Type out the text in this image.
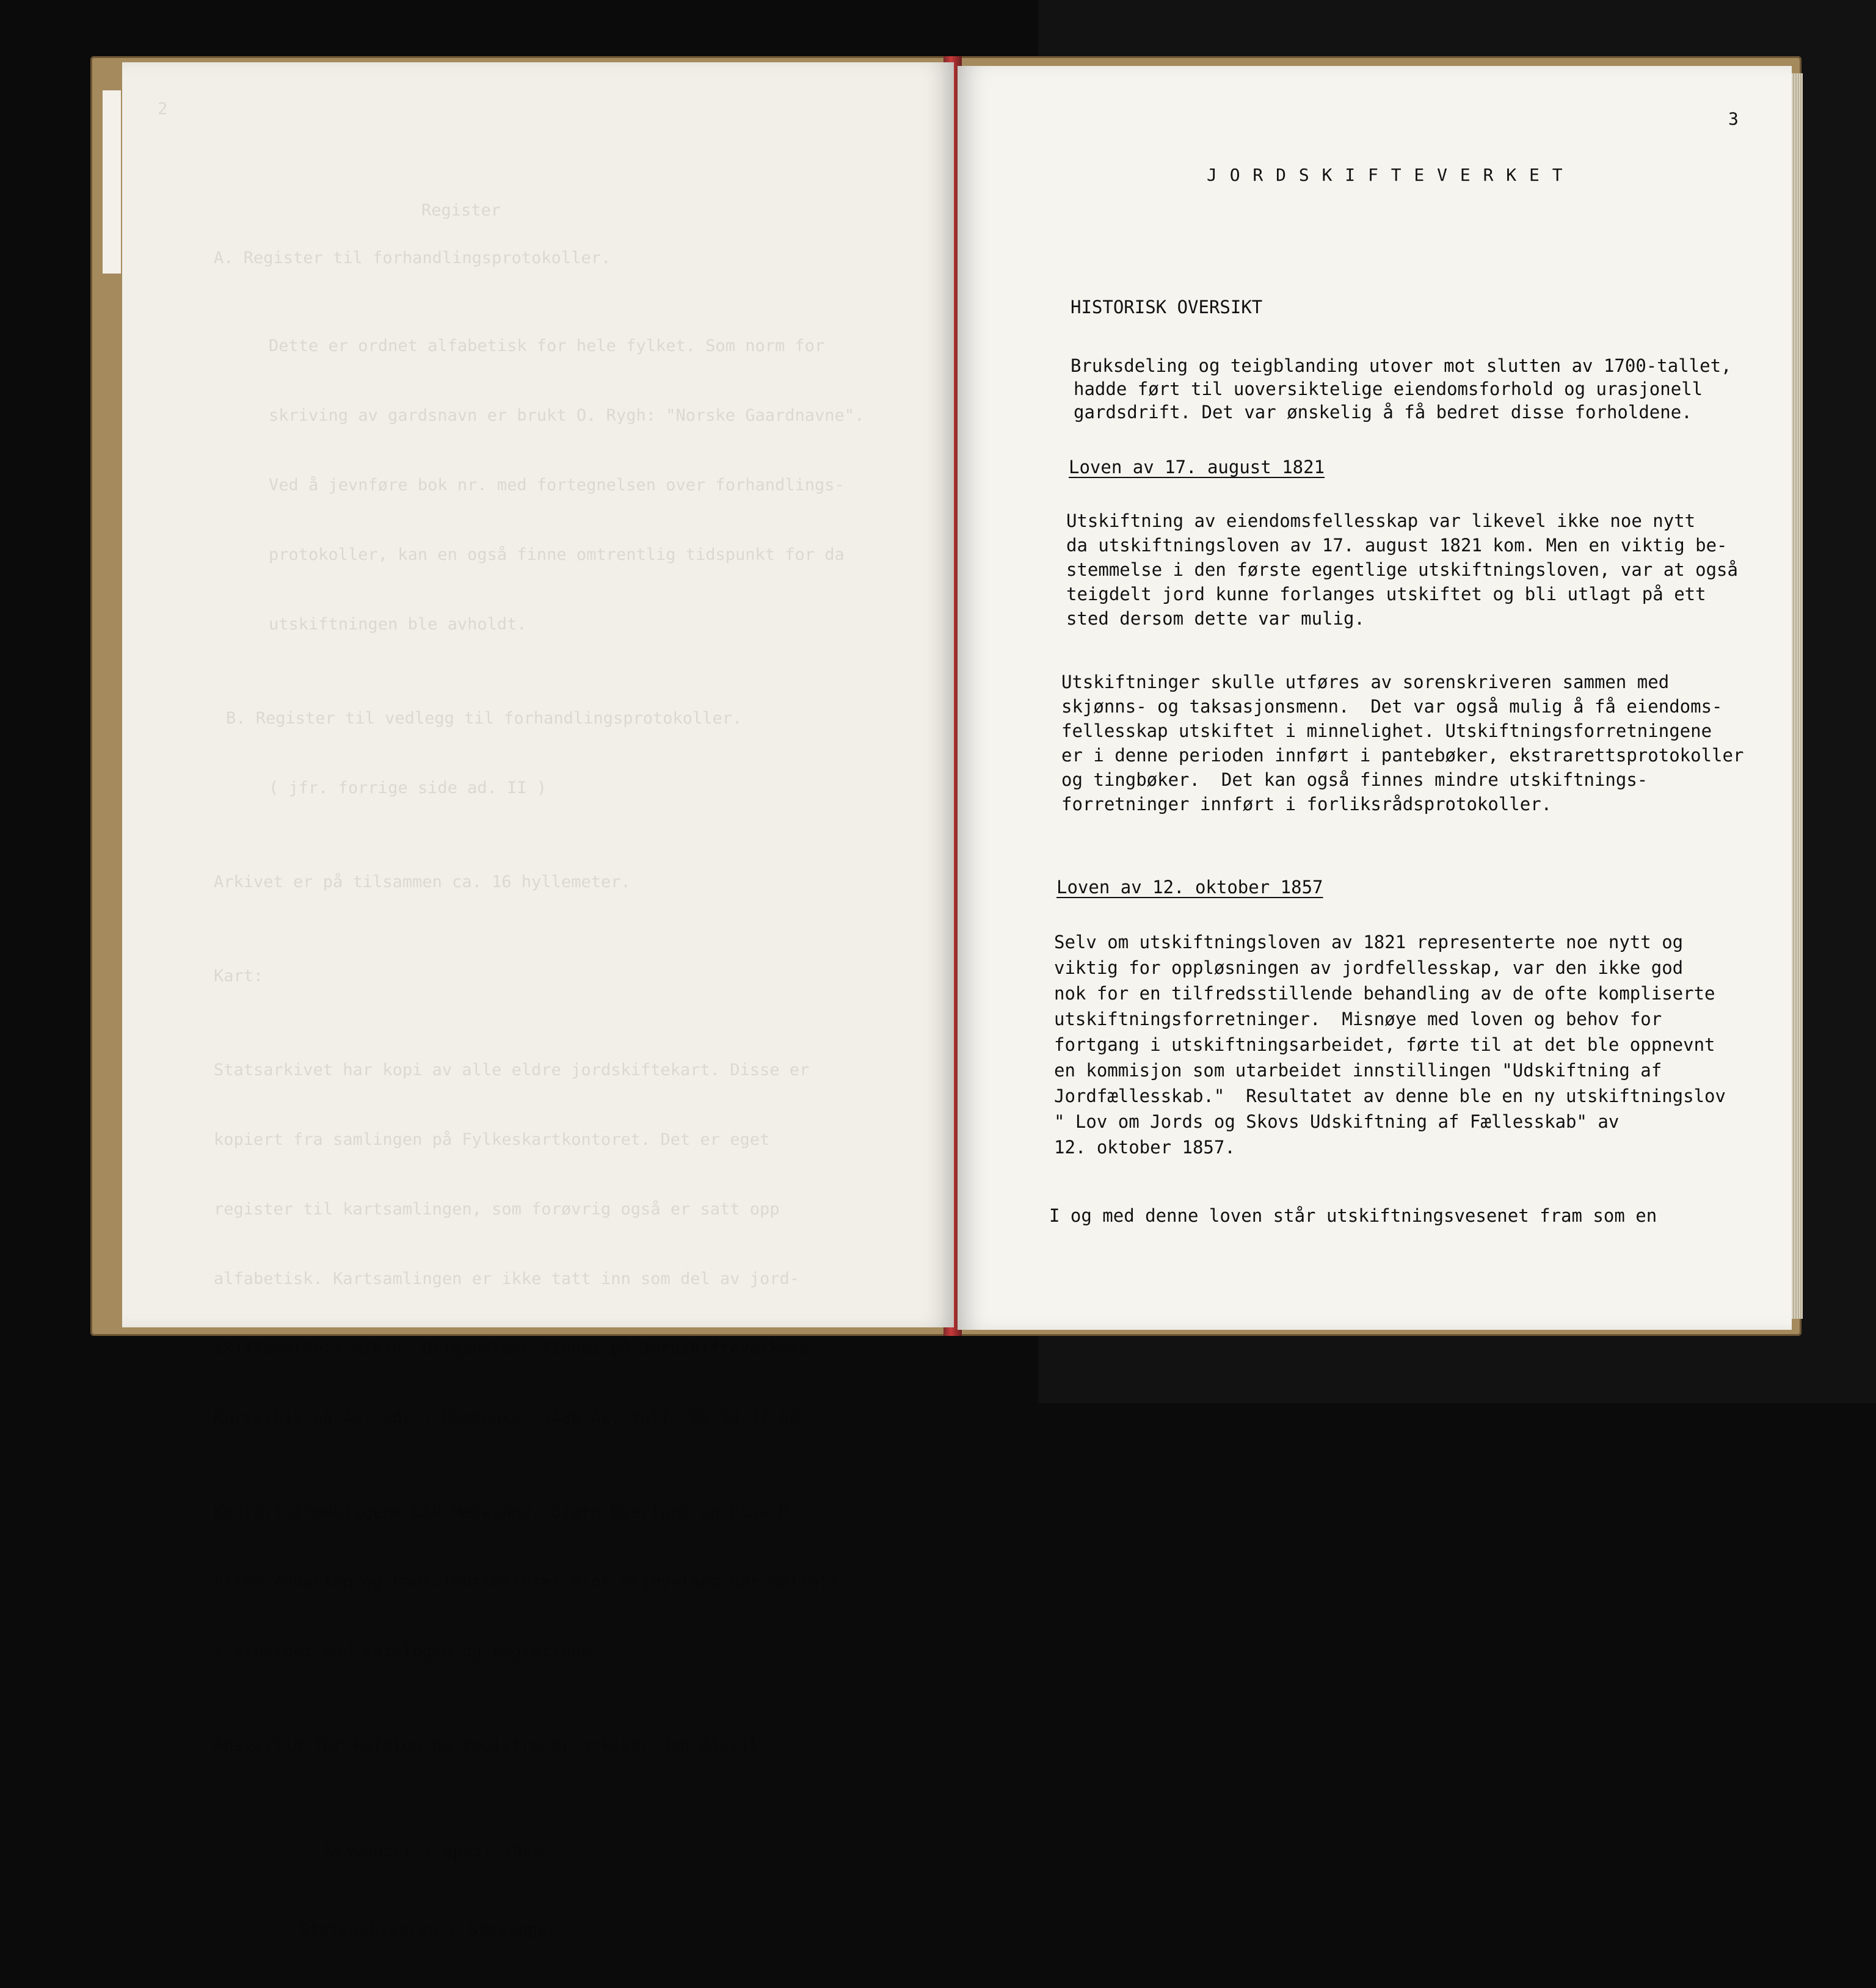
2

Register

A. Register til forhandlingsprotokoller.

Dette er ordnet alfabetisk for hele fylket. Som norm for

skriving av gardsnavn er brukt O. Rygh: "Norske Gaardnavne".

Ved å jevnføre bok nr. med fortegnelsen over forhandlings-

protokoller, kan en også finne omtrentlig tidspunkt for da

utskiftningen ble avholdt.

B. Register til vedlegg til forhandlingsprotokoller.

( jfr. forrige side ad. II )

Arkivet er på tilsammen ca. 16 hyllemeter.

Kart:

Statsarkivet har kopi av alle eldre jordskiftekart. Disse er

kopiert fra samlingen på Fylkeskartkontoret. Det er eget

register til kartsamlingen, som forøvrig også er satt opp

alfabetisk. Kartsamlingen er ikke tatt inn som del av jord-

skifteverkets arkiv. Originalene finnes på Jordskifteverkets

Kartarkiv på Ås, adr.: Postboks. 1430 Ås, telf. 02 94 12 60.

Kontorfullmektigene Elk Mæsevand, Bjørn Øverland og Elsa M.

Pisha Andersen og konsulentsekretær Aina Skjøveland har deltatt

i arbeidet med katalogen og registrene.

Ansvarlig for katalog og registre er arkivar Jan Alsvik.

Stavanger i april 1984

Statsarkivaren i Stavanger

3
J O R D S K I F T E V E R K E T
HISTORISK OVERSIKT

Bruksdeling og teigblanding utover mot slutten av 1700-tallet,

hadde ført til uoversiktelige eiendomsforhold og urasjonell

gardsdrift. Det var ønskelig å få bedret disse forholdene.

Loven av 17. august 1821

Utskiftning av eiendomsfellesskap var likevel ikke noe nytt

da utskiftningsloven av 17. august 1821 kom. Men en viktig be-

stemmelse i den første egentlige utskiftningsloven, var at også

teigdelt jord kunne forlanges utskiftet og bli utlagt på ett

sted dersom dette var mulig.

Utskiftninger skulle utføres av sorenskriveren sammen med

skjønns- og taksasjonsmenn.  Det var også mulig å få eiendoms-

fellesskap utskiftet i minnelighet. Utskiftningsforretningene

er i denne perioden innført i pantebøker, ekstrarettsprotokoller

og tingbøker.  Det kan også finnes mindre utskiftnings-

forretninger innført i forliksrådsprotokoller.

Loven av 12. oktober 1857

Selv om utskiftningsloven av 1821 representerte noe nytt og

viktig for oppløsningen av jordfellesskap, var den ikke god

nok for en tilfredsstillende behandling av de ofte kompliserte

utskiftningsforretninger.  Misnøye med loven og behov for

fortgang i utskiftningsarbeidet, førte til at det ble oppnevnt

en kommisjon som utarbeidet innstillingen "Udskiftning af

Jordfællesskab."  Resultatet av denne ble en ny utskiftningslov

" Lov om Jords og Skovs Udskiftning af Fællesskab" av

12. oktober 1857.

I og med denne loven står utskiftningsvesenet fram som en
